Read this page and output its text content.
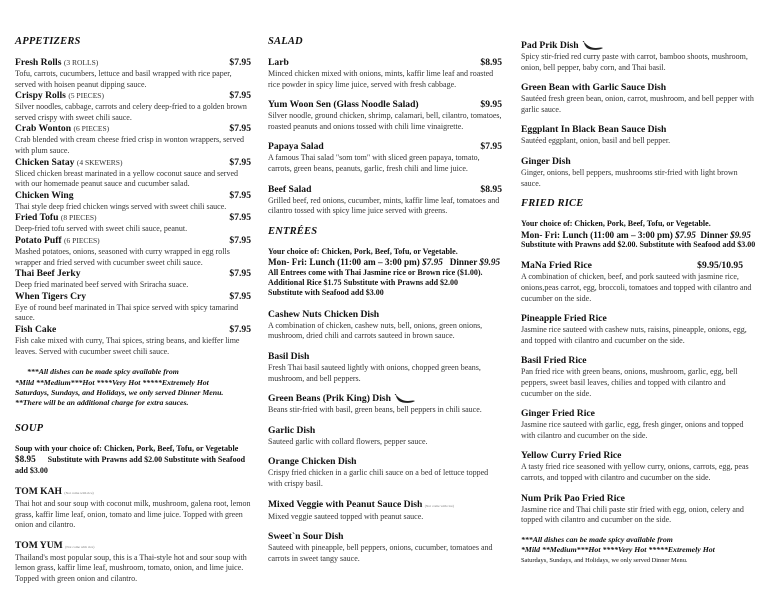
APPETIZERS
Fresh Rolls (3 ROLLS)	$7.95
Tofu, carrots, cucumbers, lettuce and basil wrapped with rice paper, served with hoisen peanut dipping sauce.
Crispy Rolls (5 PIECES)	$7.95
Silver noodles, cabbage, carrots and celery deep-fried to a golden brown served crispy with sweet chili sauce.
Crab Wonton (6 PIECES)	$7.95
Crab blended with cream cheese fried crisp in wonton wrappers, served with plum sauce.
Chicken Satay (4 SKEWERS)	$7.95
Sliced chicken breast marinated in a yellow coconut sauce and served with our homemade peanut sauce and cucumber salad.
Chicken Wing	$7.95
Thai style deep fried chicken wings served with sweet chili sauce.
Fried Tofu (8 PIECES)	$7.95
Deep-fried tofu served with sweet chili sauce, peanut.
Potato Puff (6 PIECES)	$7.95
Mashed potatoes, onions, seasoned with curry wrapped in egg rolls wrapper and fried served with cucumber sweet chili sauce.
Thai Beef Jerky	$7.95
Deep fried marinated beef served with Sriracha suace.
When Tigers Cry	$7.95
Eye of round beef marinated in Thai spice served with spicy tamarind sauce.
Fish Cake	$7.95
Fish cake mixed with curry, Thai spices, string beans, and kieffer lime leaves. Served with cucumber sweet chili sauce.
***All dishes can be made spicy available from
*Mild **Medium***Hot ****Very Hot *****Extremely Hot
Saturdays, Sundays, and Holidays, we only served Dinner Menu.
**There will be an additional charge for extra sauces.
SOUP
Soup with your choice of: Chicken, Pork, Beef, Tofu, or Vegetable
$8.95 Substitute with Prawns add $2.00 Substitute with Seafood add $3.00
TOM KAH (Not come with rice)
Thai hot and sour soup with coconut milk, mushroom, galena root, lemon grass, kaffir lime leaf, onion, tomato and lime juice. Topped with green onion and cilantro.
TOM YUM (Not come with rice)
Thailand's most popular soup, this is a Thai-style hot and sour soup with lemon grass, kaffir lime leaf, mushroom, tomato, onion, and lime juice. Topped with green onion and cilantro.
SALAD
Larb	$8.95
Minced chicken mixed with onions, mints, kaffir lime leaf and roasted rice powder in spicy lime juice, served with fresh cabbage.
Yum Woon Sen (Glass Noodle Salad)	$9.95
Silver noodle, ground chicken, shrimp, calamari, bell, cilantro, tomatoes, roasted peanuts and onions tossed with chili lime vinaigrette.
Papaya Salad	$7.95
A famous Thai salad "som tom" with sliced green papaya, tomato, carrots, green beans, peanuts, garlic, fresh chili and lime juice.
Beef Salad	$8.95
Grilled beef, red onions, cucumber, mints, kaffir lime leaf, tomatoes and cilantro tossed with spicy lime juice served with greens.
ENTRÉES
Your choice of: Chicken, Pork, Beef, Tofu, or Vegetable.
Mon- Fri: Lunch (11:00 am – 3:00 pm) $7.95 Dinner $9.95
All Entrees come with Thai Jasmine rice or Brown rice ($1.00).
Additional Rice $1.75 Substitute with Prawns add $2.00
Substitute with Seafood add $3.00
Cashew Nuts Chicken Dish
A combination of chicken, cashew nuts, bell, onions, green onions, mushroom, dried chili and carrots sauteed in brown sauce.
Basil Dish
Fresh Thai basil sauteed lightly with onions, chopped green beans, mushroom, and bell peppers.
Green Beans (Prik King) Dish
Beans stir-fried with basil, green beans, bell peppers in chili sauce.
Garlic Dish
Sauteed garlic with collard flowers, pepper sauce.
Orange Chicken Dish
Crispy fried chicken in a garlic chili sauce on a bed of lettuce topped with crispy basil.
Mixed Veggie with Peanut Sauce Dish (Not come with rice)
Mixed veggie sauteed topped with peanut sauce.
Sweet`n Sour Dish
Sauteed with pineapple, bell peppers, onions, cucumber, tomatoes and carrots in sweet tangy sauce.
Pad Prik Dish
Spicy stir-fried red curry paste with carrot, bamboo shoots, mushroom, onion, bell pepper, baby corn, and Thai basil.
Green Bean with Garlic Sauce Dish
Sautéed fresh green bean, onion, carrot, mushroom, and bell pepper with garlic sauce.
Eggplant In Black Bean Sauce Dish
Sautéed eggplant, onion, basil and bell pepper.
Ginger Dish
Ginger, onions, bell peppers, mushrooms stir-fried with light brown sauce.
FRIED RICE
Your choice of: Chicken, Pork, Beef, Tofu, or Vegetable.
Mon- Fri: Lunch (11:00 am – 3:00 pm) $7.95 Dinner $9.95
Substitute with Prawns add $2.00. Substitute with Seafood add $3.00
MaNa Fried Rice	$9.95/10.95
A combination of chicken, beef, and pork sauteed with jasmine rice, onions,peas carrot, egg, broccoli, tomatoes and topped with cilantro and cucumber on the side.
Pineapple Fried Rice
Jasmine rice sauteed with cashew nuts, raisins, pineapple, onions, egg, and topped with cilantro and cucumber on the side.
Basil Fried Rice
Pan fried rice with green beans, onions, mushroom, garlic, egg, bell peppers, sweet basil leaves, chilies and topped with cilantro and cucumber on the side.
Ginger Fried Rice
Jasmine rice sauteed with garlic, egg, fresh ginger, onions and topped with cilantro and cucumber on the side.
Yellow Curry Fried Rice
A tasty fried rice seasoned with yellow curry, onions, carrots, egg, peas carrots, and topped with cilantro and cucumber on the side.
Num Prik Pao Fried Rice
Jasmine rice and Thai chili paste stir fried with egg, onion, celery and topped with cilantro and cucumber on the side.
***All dishes can be made spicy available from
*Mild **Medium***Hot ****Very Hot *****Extremely Hot
Saturdays, Sundays, and Holidays, we only served Dinner Menu.
